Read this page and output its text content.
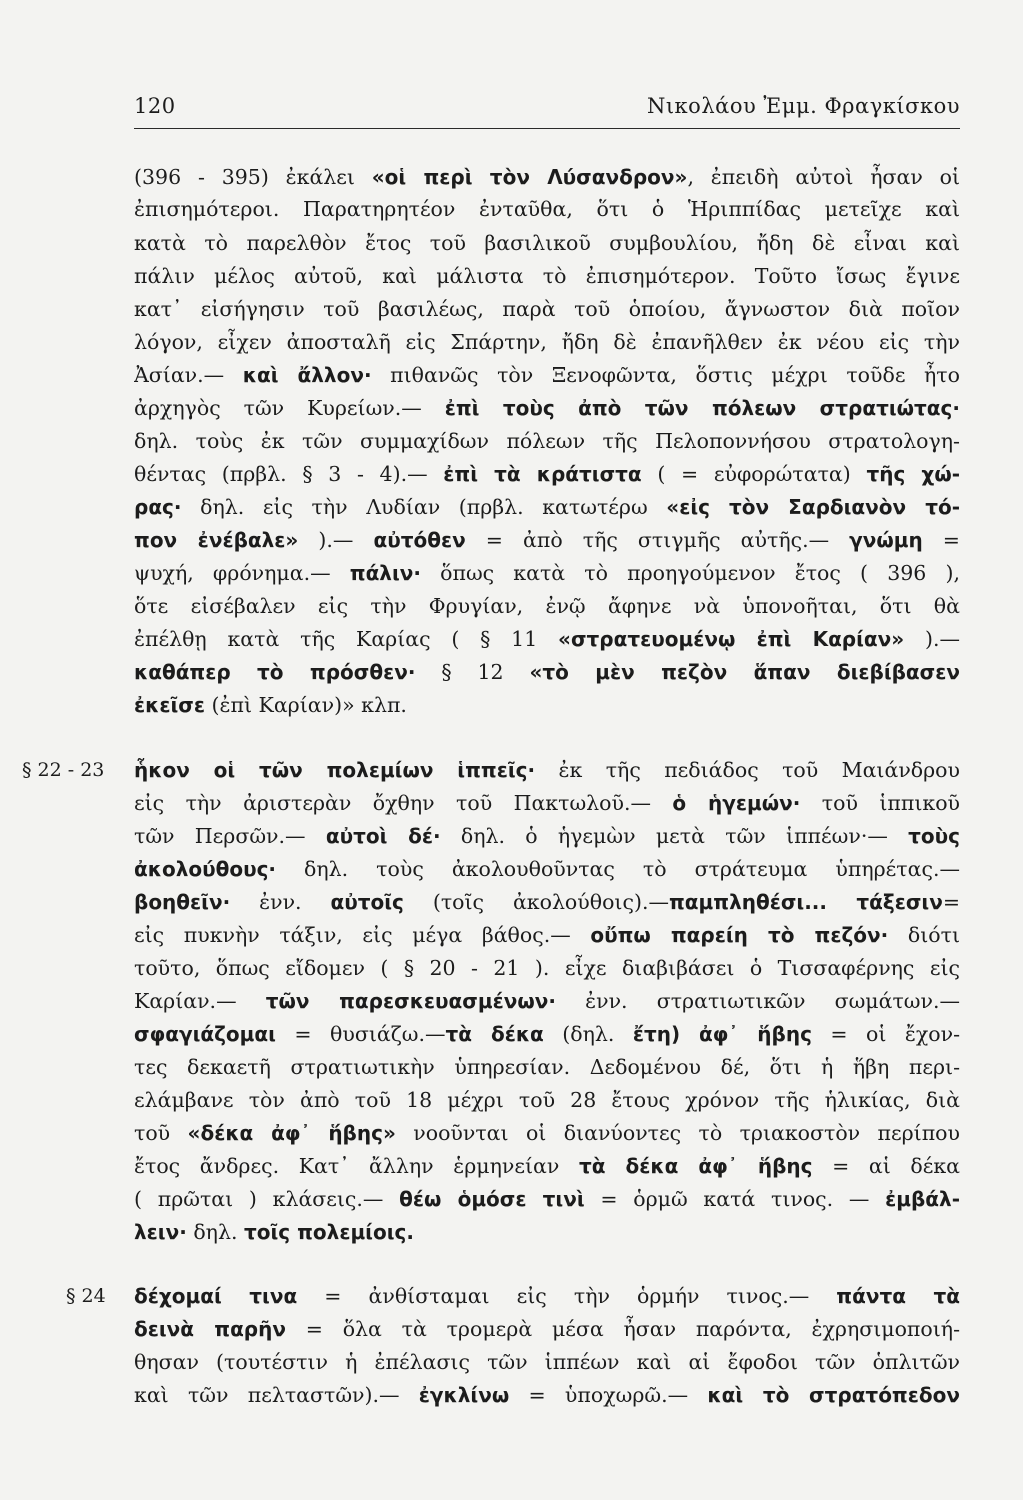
120	Νικολάου Ἐμμ. Φραγκίσκου
§ 22 - 23
§ 24
(396 - 395) ἐκάλει «οἱ περὶ τὸν Λύσανδρον», ἐπειδὴ αὐτοὶ ἦσαν οἱ
ἐπισημότεροι. Παρατηρητέον ἐνταῦθα, ὅτι ὁ Ἡριππίδας μετεῖχε καὶ
κατὰ τὸ παρελθὸν ἔτος τοῦ βασιλικοῦ συμβουλίου, ἤδη δὲ εἶναι καὶ
πάλιν μέλος αὐτοῦ, καὶ μάλιστα τὸ ἐπισημότερον. Τοῦτο ἴσως ἔγινε
κατ᾽ εἰσήγησιν τοῦ βασιλέως, παρὰ τοῦ ὁποίου, ἄγνωστον διὰ ποῖον
λόγον, εἶχεν ἀποσταλῆ εἰς Σπάρτην, ἤδη δὲ ἐπανῆλθεν ἐκ νέου εἰς τὴν
Ἀσίαν.— καὶ ἄλλον· πιθανῶς τὸν Ξενοφῶντα, ὅστις μέχρι τοῦδε ἦτο
ἀρχηγὸς τῶν Κυρείων.— ἐπὶ τοὺς ἀπὸ τῶν πόλεων στρατιώτας·
δηλ. τοὺς ἐκ τῶν συμμαχίδων πόλεων τῆς Πελοποννήσου στρατολογη-
θέντας (πρβλ. § 3 - 4).— ἐπὶ τὰ κράτιστα ( = εὐφορώτατα) τῆς χώ-
ρας· δηλ. εἰς τὴν Λυδίαν (πρβλ. κατωτέρω «εἰς τὸν Σαρδιανὸν τό-
πον ἐνέβαλε» ).— αὐτόθεν = ἀπὸ τῆς στιγμῆς αὐτῆς.— γνώμη =
ψυχή, φρόνημα.— πάλιν· ὅπως κατὰ τὸ προηγούμενον ἔτος ( 396 ),
ὅτε εἰσέβαλεν εἰς τὴν Φρυγίαν, ἐνῷ ἄφηνε νὰ ὑπονοῆται, ὅτι θὰ
ἐπέλθῃ κατὰ τῆς Καρίας ( § 11 «στρατευομένῳ ἐπὶ Καρίαν» ).—
καθάπερ τὸ πρόσθεν· § 12 «τὸ μὲν πεζὸν ἅπαν διεβίβασεν
ἐκεῖσε (ἐπὶ Καρίαν)» κλπ.
ἧκον οἱ τῶν πολεμίων ἱππεῖς· ἐκ τῆς πεδιάδος τοῦ Μαιάνδρου
εἰς τὴν ἀριστερὰν ὄχθην τοῦ Πακτωλοῦ.— ὁ ἡγεμών· τοῦ ἱππικοῦ
τῶν Περσῶν.— αὐτοὶ δέ· δηλ. ὁ ἡγεμὼν μετὰ τῶν ἱππέων·— τοὺς
ἀκολούθους· δηλ. τοὺς ἀκολουθοῦντας τὸ στράτευμα ὑπηρέτας.—
βοηθεῖν· ἐνν. αὐτοῖς (τοῖς ἀκολούθοις).—παμπληθέσι... τάξεσιν=
εἰς πυκνὴν τάξιν, εἰς μέγα βάθος.— οὔπω παρείη τὸ πεζόν· διότι
τοῦτο, ὅπως εἴδομεν ( § 20 - 21 ). εἶχε διαβιβάσει ὁ Τισσαφέρνης εἰς
Καρίαν.— τῶν παρεσκευασμένων· ἐνν. στρατιωτικῶν σωμάτων.—
σφαγιάζομαι = θυσιάζω.—τὰ δέκα (δηλ. ἔτη) ἀφ᾽ ἥβης = οἱ ἔχον-
τες δεκαετῆ στρατιωτικὴν ὑπηρεσίαν. Δεδομένου δέ, ὅτι ἡ ἥβη περι-
ελάμβανε τὸν ἀπὸ τοῦ 18 μέχρι τοῦ 28 ἔτους χρόνον τῆς ἡλικίας, διὰ
τοῦ «δέκα ἀφ᾽ ἥβης» νοοῦνται οἱ διανύοντες τὸ τριακοστὸν περίπου
ἔτος ἄνδρες. Κατ᾽ ἄλλην ἑρμηνείαν τὰ δέκα ἀφ᾽ ἥβης = αἱ δέκα
( πρῶται ) κλάσεις.— θέω ὁμόσε τινὶ = ὁρμῶ κατά τινος. — ἐμβάλ-
λειν· δηλ. τοῖς πολεμίοις.
δέχομαί τινα = ἀνθίσταμαι εἰς τὴν ὁρμήν τινος.— πάντα τὰ
δεινὰ παρῆν = ὅλα τὰ τρομερὰ μέσα ἦσαν παρόντα, ἐχρησιμοποιή-
θησαν (τουτέστιν ἡ ἐπέλασις τῶν ἱππέων καὶ αἱ ἔφοδοι τῶν ὁπλιτῶν
καὶ τῶν πελταστῶν).— ἐγκλίνω = ὑποχωρῶ.— καὶ τὸ στρατόπεδον
